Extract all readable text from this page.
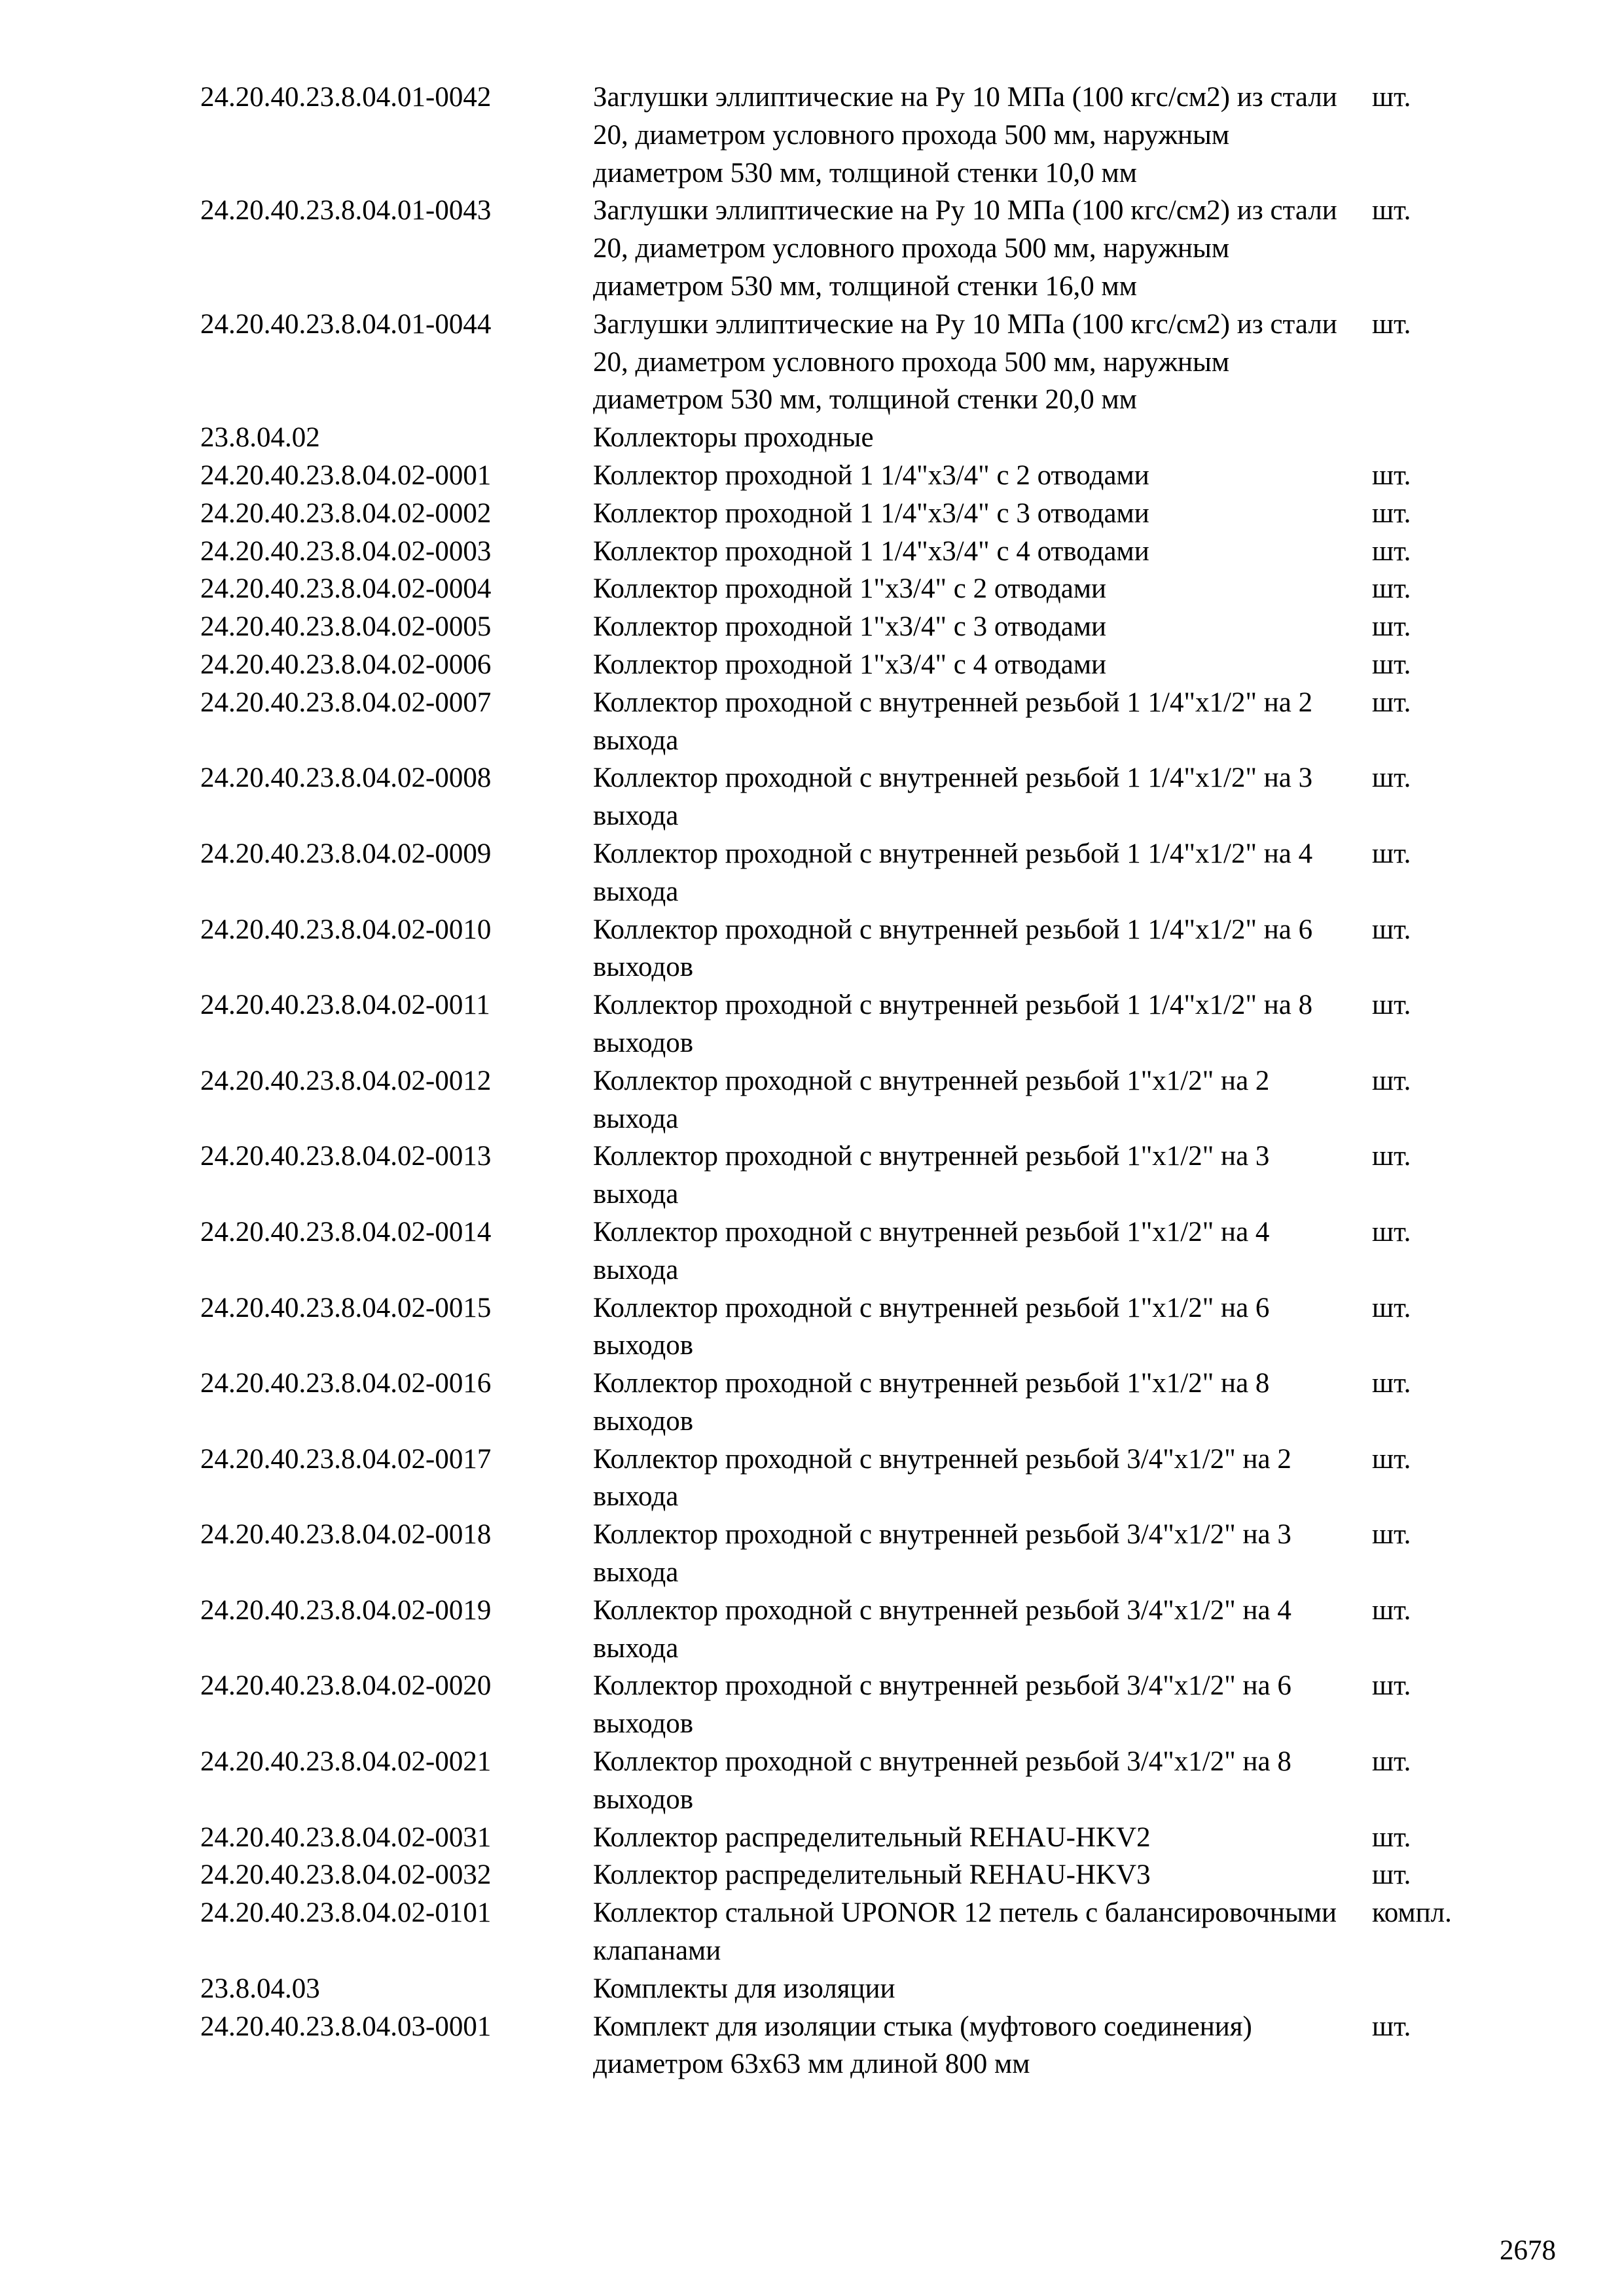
24.20.40.23.8.04.01-0042	Заглушки эллиптические на Ру 10 МПа (100 кгс/см2) из стали 20, диаметром условного прохода 500 мм, наружным диаметром 530 мм, толщиной стенки 10,0 мм	шт.
24.20.40.23.8.04.01-0043	Заглушки эллиптические на Ру 10 МПа (100 кгс/см2) из стали 20, диаметром условного прохода 500 мм, наружным диаметром 530 мм, толщиной стенки 16,0 мм	шт.
24.20.40.23.8.04.01-0044	Заглушки эллиптические на Ру 10 МПа (100 кгс/см2) из стали 20, диаметром условного прохода 500 мм, наружным диаметром 530 мм, толщиной стенки 20,0 мм	шт.
23.8.04.02	Коллекторы проходные	
24.20.40.23.8.04.02-0001	Коллектор проходной 1 1/4"x3/4" с 2 отводами	шт.
24.20.40.23.8.04.02-0002	Коллектор проходной 1 1/4"x3/4" с 3 отводами	шт.
24.20.40.23.8.04.02-0003	Коллектор проходной 1 1/4"x3/4" с 4 отводами	шт.
24.20.40.23.8.04.02-0004	Коллектор проходной 1"x3/4" с 2 отводами	шт.
24.20.40.23.8.04.02-0005	Коллектор проходной 1"x3/4" с 3 отводами	шт.
24.20.40.23.8.04.02-0006	Коллектор проходной 1"x3/4" с 4 отводами	шт.
24.20.40.23.8.04.02-0007	Коллектор проходной с внутренней резьбой 1 1/4"x1/2" на 2 выхода	шт.
24.20.40.23.8.04.02-0008	Коллектор проходной с внутренней резьбой 1 1/4"x1/2" на 3 выхода	шт.
24.20.40.23.8.04.02-0009	Коллектор проходной с внутренней резьбой 1 1/4"x1/2" на 4 выхода	шт.
24.20.40.23.8.04.02-0010	Коллектор проходной с внутренней резьбой 1 1/4"x1/2" на 6 выходов	шт.
24.20.40.23.8.04.02-0011	Коллектор проходной с внутренней резьбой 1 1/4"x1/2" на 8 выходов	шт.
24.20.40.23.8.04.02-0012	Коллектор проходной с внутренней резьбой 1"x1/2" на 2 выхода	шт.
24.20.40.23.8.04.02-0013	Коллектор проходной с внутренней резьбой 1"x1/2" на 3 выхода	шт.
24.20.40.23.8.04.02-0014	Коллектор проходной с внутренней резьбой 1"x1/2" на 4 выхода	шт.
24.20.40.23.8.04.02-0015	Коллектор проходной с внутренней резьбой 1"x1/2" на 6 выходов	шт.
24.20.40.23.8.04.02-0016	Коллектор проходной с внутренней резьбой 1"x1/2" на 8 выходов	шт.
24.20.40.23.8.04.02-0017	Коллектор проходной с внутренней резьбой 3/4"x1/2" на 2 выхода	шт.
24.20.40.23.8.04.02-0018	Коллектор проходной с внутренней резьбой 3/4"x1/2" на 3 выхода	шт.
24.20.40.23.8.04.02-0019	Коллектор проходной с внутренней резьбой 3/4"x1/2" на 4 выхода	шт.
24.20.40.23.8.04.02-0020	Коллектор проходной с внутренней резьбой 3/4"x1/2" на 6 выходов	шт.
24.20.40.23.8.04.02-0021	Коллектор проходной с внутренней резьбой 3/4"x1/2" на 8 выходов	шт.
24.20.40.23.8.04.02-0031	Коллектор распределительный REHAU-HKV2	шт.
24.20.40.23.8.04.02-0032	Коллектор распределительный REHAU-HKV3	шт.
24.20.40.23.8.04.02-0101	Коллектор стальной UPONOR 12 петель с балансировочными клапанами	компл.
23.8.04.03	Комплекты для изоляции	
24.20.40.23.8.04.03-0001	Комплект для изоляции стыка (муфтового соединения) диаметром 63х63 мм длиной 800 мм	шт.
2678
